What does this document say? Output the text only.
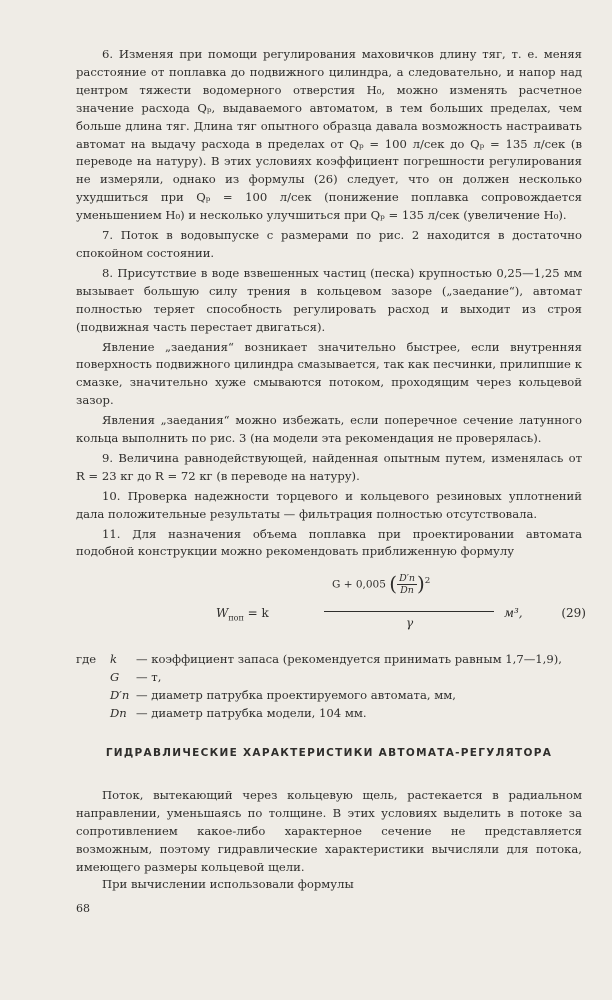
6. Изменяя при помощи регулирования маховичков длину тяг, т. е. меняя расстояние от поплавка до подвижного цилиндра, а следовательно, и напор над центром тяжести водомерного отверстия H₀, можно изменять расчетное значение расхода Qₚ, выдаваемого автоматом, в тем больших пределах, чем больше длина тяг. Длина тяг опытного образца давала возможность настраивать автомат на выдачу расхода в пределах от Qₚ = 100 л/сек до Qₚ = 135 л/сек (в переводе на натуру). В этих условиях коэффициент погрешности регулирования не измеряли, однако из формулы (26) следует, что он должен несколько ухудшиться при Qₚ = 100 л/сек (понижение поплавка сопровождается уменьшением H₀) и несколько улучшиться при Qₚ = 135 л/сек (увеличение H₀).

7. Поток в водовыпуске с размерами по рис. 2 находится в достаточно спокойном состоянии.

8. Присутствие в воде взвешенных частиц (песка) крупностью 0,25—1,25 мм вызывает большую силу трения в кольцевом зазоре („заедание“), автомат полностью теряет способность регулировать расход и выходит из строя (подвижная часть перестает двигаться).

Явление „заедания“ возникает значительно быстрее, если внутренняя поверхность подвижного цилиндра смазывается, так как песчинки, прилипшие к смазке, значительно хуже смываются потоком, проходящим через кольцевой зазор.

Явления „заедания“ можно избежать, если поперечное сечение латунного кольца выполнить по рис. 3 (на модели эта рекомендация не проверялась).

9. Величина равнодействующей, найденная опытным путем, изменялась от R = 23 кг до R = 72 кг (в переводе на натуру).

10. Проверка надежности торцевого и кольцевого резиновых уплотнений дала положительные результаты — фильтрация полностью отсутствовала.

11. Для назначения объема поплавка при проектировании автомата подобной конструкции можно рекомендовать приближенную формулу

$W_{поп} = k$
G + 0,005 ( $\frac{D'п}{Dп})^2$
γ
м³,	(29)
где	k	— коэффициент запаса (рекомендуется принимать равным 1,7—1,9),
G	— т,
D′п — диаметр патрубка проектируемого автомата, мм,
Dп — диаметр патрубка модели, 104 мм.
ГИДРАВЛИЧЕСКИЕ ХАРАКТЕРИСТИКИ АВТОМАТА-РЕГУЛЯТОРА

Поток, вытекающий через кольцевую щель, растекается в радиальном направлении, уменьшаясь по толщине. В этих условиях выделить в потоке за сопротивлением какое-либо характерное сечение не представляется возможным, поэтому гидравлические характеристики вычисляли для потока, имеющего размеры кольцевой щели.

При вычислении использовали формулы

68
